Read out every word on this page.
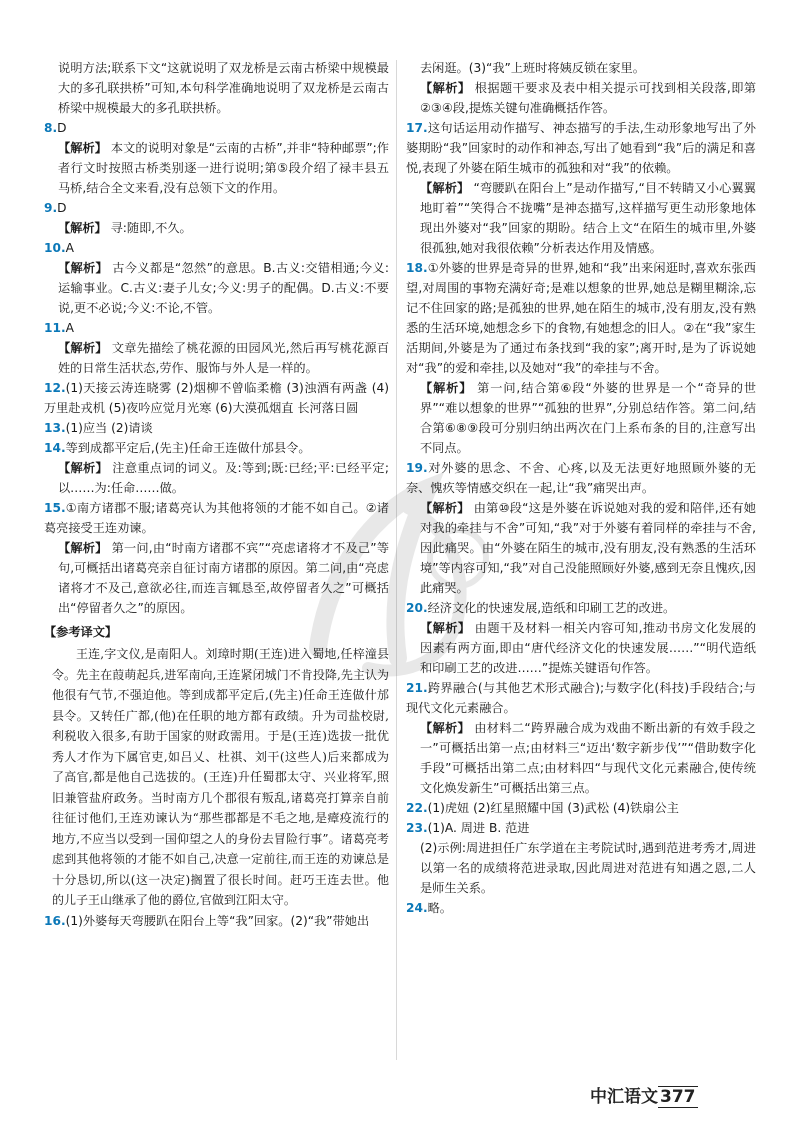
说明方法;联系下文“这就说明了双龙桥是云南古桥梁中规模最大的多孔联拱桥”可知,本句科学准确地说明了双龙桥是云南古桥梁中规模最大的多孔联拱桥。

8.D

【解析】 本文的说明对象是“云南的古桥”,并非“特种邮票”;作者行文时按照古桥类别逐一进行说明;第⑤段介绍了禄丰县五马桥,结合全文来看,没有总领下文的作用。

9.D

【解析】 寻:随即,不久。

10.A

【解析】 古今义都是“忽然”的意思。B.古义:交错相通;今义:运输事业。C.古义:妻子儿女;今义:男子的配偶。D.古义:不要说,更不必说;今义:不论,不管。

11.A

【解析】 文章先描绘了桃花源的田园风光,然后再写桃花源百姓的日常生活状态,劳作、服饰与外人是一样的。

12.(1)天接云涛连晓雾 (2)烟柳不曾临柔檐 (3)浊酒有两盏 (4)万里赴戎机 (5)夜吟应觉月光寒 (6)大漠孤烟直 长河落日圆

13.(1)应当 (2)请谈

14.等到成都平定后,(先主)任命王连做什邡县令。

【解析】 注意重点词的词义。及:等到;既:已经;平:已经平定;以……为:任命……做。

15.①南方诸郡不服;诸葛亮认为其他将领的才能不如自己。②诸葛亮接受王连劝谏。

【解析】 第一问,由“时南方诸郡不宾”“亮虑诸将才不及己”等句,可概括出诸葛亮亲自征讨南方诸郡的原因。第二问,由“亮虑诸将才不及己,意欲必往,而连言辄恳至,故停留者久之”可概括出“停留者久之”的原因。

【参考译文】

王连,字文仪,是南阳人。刘璋时期(王连)进入蜀地,任梓潼县令。先主在葭萌起兵,进军南向,王连紧闭城门不肯投降,先主认为他很有气节,不强迫他。等到成都平定后,(先主)任命王连做什邡县令。又转任广都,(他)在任职的地方都有政绩。升为司盐校尉,利税收入很多,有助于国家的财政需用。于是(王连)选拔一批优秀人才作为下属官吏,如吕乂、杜祺、刘干(这些人)后来都成为了高官,都是他自己选拔的。(王连)升任蜀郡太守、兴业将军,照旧兼管盐府政务。当时南方几个郡很有叛乱,诸葛亮打算亲自前往征讨他们,王连劝谏认为“那些郡都是不毛之地,是瘴疫流行的地方,不应当以受到一国仰望之人的身份去冒险行事”。诸葛亮考虑到其他将领的才能不如自己,决意一定前往,而王连的劝谏总是十分恳切,所以(这一决定)搁置了很长时间。赶巧王连去世。他的儿子王山继承了他的爵位,官做到江阳太守。

16.(1)外婆每天弯腰趴在阳台上等“我”回家。(2)“我”带她出

去闲逛。(3)“我”上班时将姨反锁在家里。

【解析】 根据题干要求及表中相关提示可找到相关段落,即第②③④段,提炼关键句准确概括作答。

17.这句话运用动作描写、神态描写的手法,生动形象地写出了外婆期盼“我”回家时的动作和神态,写出了她看到“我”后的满足和喜悦,表现了外婆在陌生城市的孤独和对“我”的依赖。

【解析】 “弯腰趴在阳台上”是动作描写,“目不转睛又小心翼翼地盯着”“笑得合不拢嘴”是神态描写,这样描写更生动形象地体现出外婆对“我”回家的期盼。结合上文“在陌生的城市里,外婆很孤独,她对我很依赖”分析表达作用及情感。

18.①外婆的世界是奇异的世界,她和“我”出来闲逛时,喜欢东张西望,对周围的事物充满好奇;是难以想象的世界,她总是糊里糊涂,忘记不住回家的路;是孤独的世界,她在陌生的城市,没有朋友,没有熟悉的生活环境,她想念乡下的食物,有她想念的旧人。②在“我”家生活期间,外婆是为了通过布条找到“我的家”;离开时,是为了诉说她对“我”的爱和牵挂,以及她对“我”的牵挂与不舍。

【解析】 第一问,结合第⑥段“外婆的世界是一个“奇异的世界”“难以想象的世界”“孤独的世界”,分别总结作答。第二问,结合第⑥⑧⑨段可分别归纳出两次在门上系布条的目的,注意写出不同点。

19.对外婆的思念、不舍、心疼,以及无法更好地照顾外婆的无奈、愧疚等情感交织在一起,让“我”痛哭出声。

【解析】 由第⑩段“这是外婆在诉说她对我的爱和陪伴,还有她对我的牵挂与不舍”可知,“我”对于外婆有着同样的牵挂与不舍,因此痛哭。由“外婆在陌生的城市,没有朋友,没有熟悉的生活环境”等内容可知,“我”对自己没能照顾好外婆,感到无奈且愧疚,因此痛哭。

20.经济文化的快速发展,造纸和印刷工艺的改进。

【解析】 由题干及材料一相关内容可知,推动书房文化发展的因素有两方面,即由“唐代经济文化的快速发展……”“明代造纸和印刷工艺的改进……”提炼关键语句作答。

21.跨界融合(与其他艺术形式融合);与数字化(科技)手段结合;与现代文化元素融合。

【解析】 由材料二“跨界融合成为戏曲不断出新的有效手段之一”可概括出第一点;由材料三“迈出‘数字新步伐’”“借助数字化手段”可概括出第二点;由材料四“与现代文化元素融合,使传统文化焕发新生”可概括出第三点。

22.(1)虎妞 (2)红星照耀中国 (3)武松 (4)铁扇公主

23.(1)A. 周进 B. 范进

(2)示例:周进担任广东学道在主考院试时,遇到范进考秀才,周进以第一名的成绩将范进录取,因此周进对范进有知遇之恩,二人是师生关系。

24.略。

中汇语文 377
